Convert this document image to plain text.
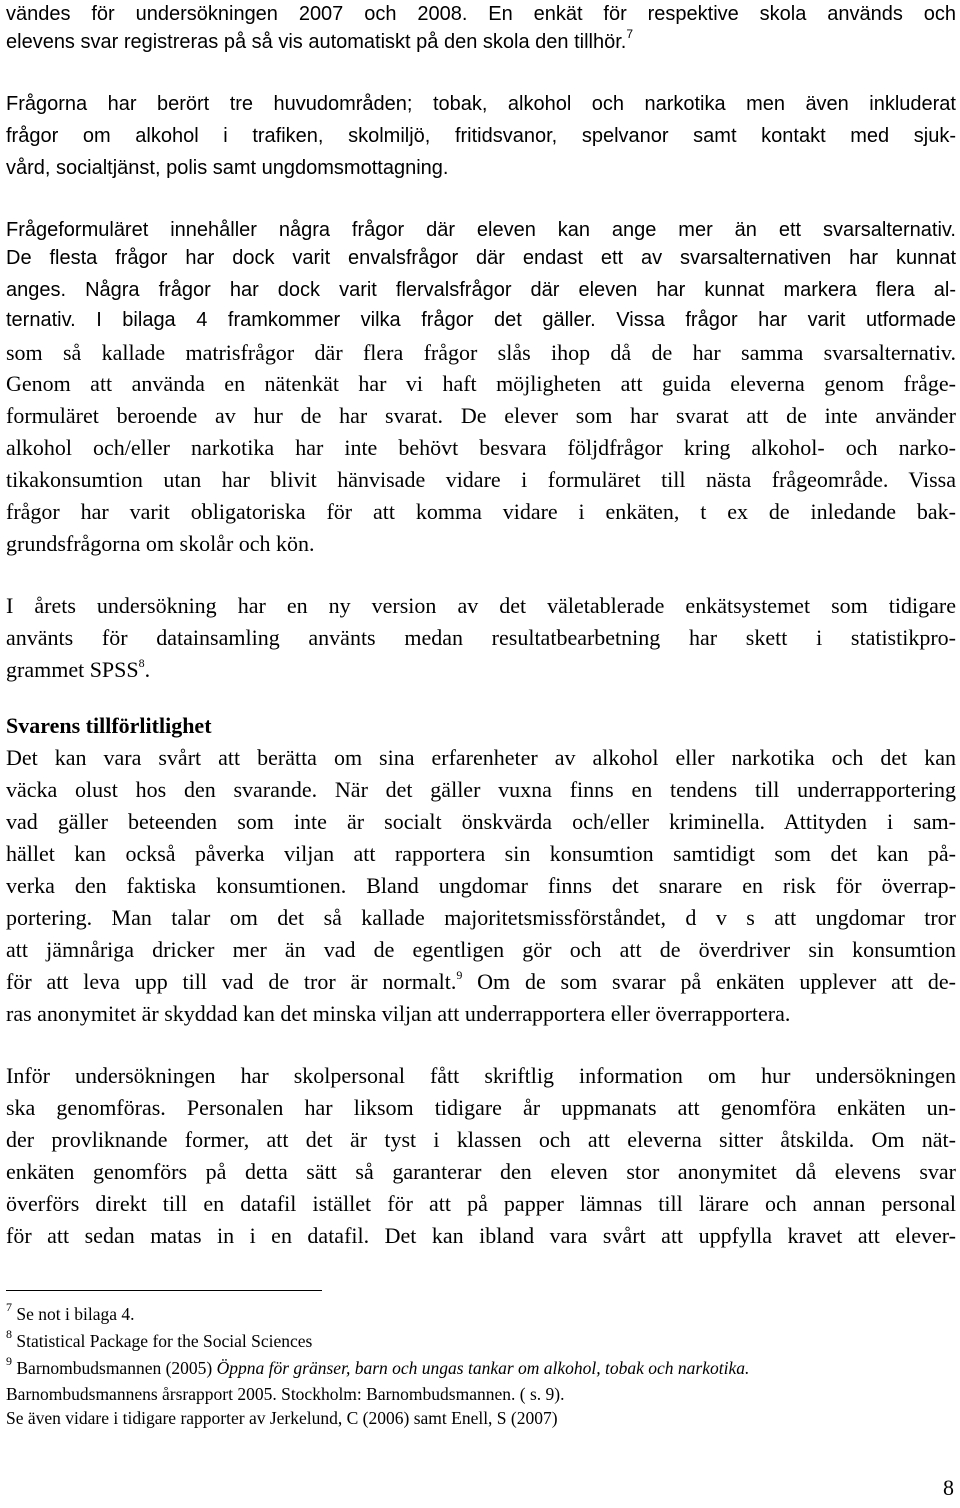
vändes för undersökningen 2007 och 2008. En enkät för respektive skola används och
elevens svar registreras på så vis automatiskt på den skola den tillhör.$^7$
Frågorna har berört tre huvudområden; tobak, alkohol och narkotika men även inkluderat
frågor om alkohol i trafiken, skolmiljö, fritidsvanor, spelvanor samt kontakt med sjuk-
vård, socialtjänst, polis samt ungdomsmottagning.
Frågeformuläret innehåller några frågor där eleven kan ange mer än ett svarsalternativ.
De flesta frågor har dock varit envalsfrågor där endast ett av svarsalternativen har kunnat
anges. Några frågor har dock varit flervalsfrågor där eleven har kunnat markera flera al-
ternativ. I bilaga 4 framkommer vilka frågor det gäller. Vissa frågor har varit utformade
som så kallade matrisfrågor där flera frågor slås ihop då de har samma svarsalternativ.
Genom att använda en nätenkät har vi haft möjligheten att guida eleverna genom fråge-
formuläret beroende av hur de har svarat. De elever som har svarat att de inte använder
alkohol och/eller narkotika har inte behövt besvara följdfrågor kring alkohol- och narko-
tikakonsumtion utan har blivit hänvisade vidare i formuläret till nästa frågeområde. Vissa
frågor har varit obligatoriska för att komma vidare i enkäten, t ex de inledande bak-
grundsfrågorna om skolår och kön.
I årets undersökning har en ny version av det väletablerade enkätsystemet som tidigare
använts för datainsamling använts medan resultatbearbetning har skett i statistikpro-
grammet SPSS$^8$.
Svarens tillförlitlighet
Det kan vara svårt att berätta om sina erfarenheter av alkohol eller narkotika och det kan
väcka olust hos den svarande. När det gäller vuxna finns en tendens till underrapportering
vad gäller beteenden som inte är socialt önskvärda och/eller kriminella. Attityden i sam-
hället kan också påverka viljan att rapportera sin konsumtion samtidigt som det kan på-
verka den faktiska konsumtionen. Bland ungdomar finns det snarare en risk för överrap-
portering. Man talar om det så kallade majoritetsmissförståndet, d v s att ungdomar tror
att jämnåriga dricker mer än vad de egentligen gör och att de överdriver sin konsumtion
för att leva upp till vad de tror är normalt.$^9$ Om de som svarar på enkäten upplever att de-
ras anonymitet är skyddad kan det minska viljan att underrapportera eller överrapportera.
Inför undersökningen har skolpersonal fått skriftlig information om hur undersökningen
ska genomföras. Personalen har liksom tidigare år uppmanats att genomföra enkäten un-
der provliknande former, att det är tyst i klassen och att eleverna sitter åtskilda. Om nät-
enkäten genomförs på detta sätt så garanterar den eleven stor anonymitet då elevens svar
överförs direkt till en datafil istället för att på papper lämnas till lärare och annan personal
för att sedan matas in i en datafil. Det kan ibland vara svårt att uppfylla kravet att elever-
$^7$ Se not i bilaga 4.
$^8$ Statistical Package for the Social Sciences
$^9$ Barnombudsmannen (2005) Öppna för gränser, barn och ungas tankar om alkohol, tobak och narkotika.
Barnombudsmannens årsrapport 2005. Stockholm: Barnombudsmannen. ( s. 9).
Se även vidare i tidigare rapporter av Jerkelund, C (2006) samt Enell, S (2007)
8
